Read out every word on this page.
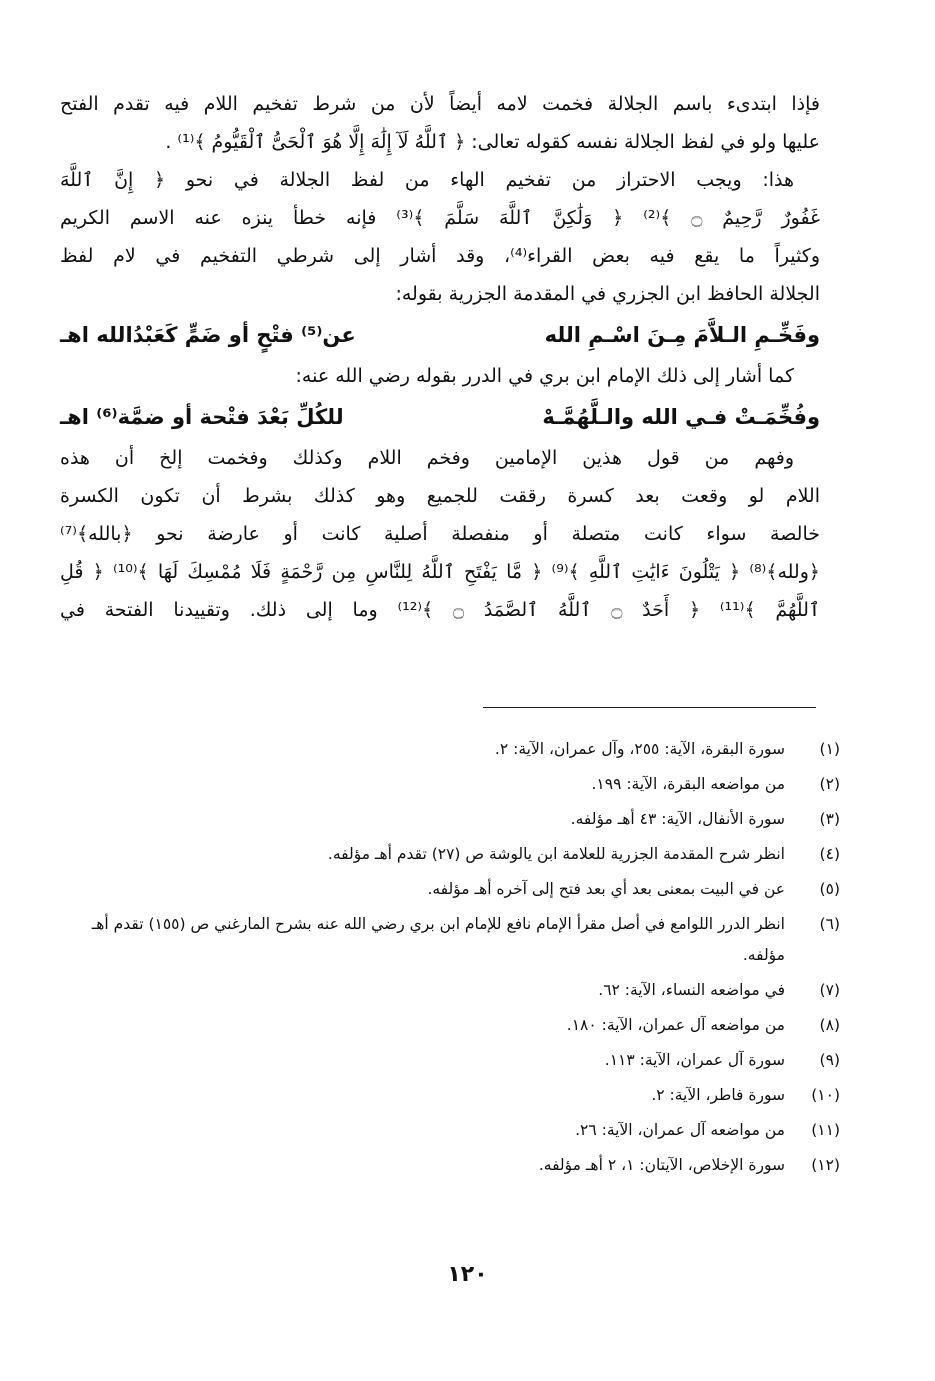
فإذا ابتدىء باسم الجلالة فخمت لامه أيضاً لأن من شرط تفخيم اللام فيه تقدم الفتح
عليها ولو في لفظ الجلالة نفسه كقوله تعالى: ﴿ ٱللَّهُ لَآ إِلَٰهَ إِلَّا هُوَ ٱلْحَىُّ ٱلْقَيُّومُ ﴾⁽¹⁾ .
هذا: ويجب الاحتراز من تفخيم الهاء من لفظ الجلالة في نحو ﴿ إِنَّ ٱللَّهَ
غَفُورٌ رَّحِيمٌ ۝ ﴾⁽²⁾ ﴿ وَلَٰكِنَّ ٱللَّهَ سَلَّمَ ﴾⁽³⁾ فإنه خطأ ينزه عنه الاسم الكريم
وكثيراً ما يقع فيه بعض القراء⁽⁴⁾، وقد أشار إلى شرطي التفخيم في لام لفظ
الجلالة الحافظ ابن الجزري في المقدمة الجزرية بقوله:
وفَخِّـمِ الـلاَّمَ مِـنَ اسْـمِ الله
عن⁽⁵⁾ فتْحٍ أو ضَمٍّ كَعَبْدُالله اهـ
كما أشار إلى ذلك الإمام ابن بري في الدرر بقوله رضي الله عنه:
وفُخِّمَـتْ فـي الله والـلَّهُمَّـهْ
للكُلِّ بَعْدَ فتْحة أو ضمَّة⁽⁶⁾ اهـ
وفهم من قول هذين الإمامين وفخم اللام وكذلك وفخمت إلخ أن هذه
اللام لو وقعت بعد كسرة رققت للجميع وهو كذلك بشرط أن تكون الكسرة
خالصة سواء كانت متصلة أو منفصلة أصلية كانت أو عارضة نحو ﴿بالله﴾⁽⁷⁾
﴿ولله﴾⁽⁸⁾ ﴿ يَتْلُونَ ءَايَٰتِ ٱللَّهِ ﴾⁽⁹⁾ ﴿ مَّا يَفْتَحِ ٱللَّهُ لِلنَّاسِ مِن رَّحْمَةٍ فَلَا مُمْسِكَ لَهَا ﴾⁽¹⁰⁾ ﴿ قُلِ
ٱللَّهُمَّ ﴾⁽¹¹⁾ ﴿ أَحَدٌ ۝ ٱللَّهُ ٱلصَّمَدُ ۝ ﴾⁽¹²⁾ وما إلى ذلك. وتقييدنا الفتحة في
(١)
سورة البقرة، الآية: ٢٥٥، وآل عمران، الآية: ٢.
(٢)
من مواضعه البقرة، الآية: ١٩٩.
(٣)
سورة الأنفال، الآية: ٤٣ أهـ مؤلفه.
(٤)
انظر شرح المقدمة الجزرية للعلامة ابن يالوشة ص (٢٧) تقدم أهـ مؤلفه.
(٥)
عن في البيت بمعنى بعد أي بعد فتح إلى آخره أهـ مؤلفه.
(٦)
انظر الدرر اللوامع في أصل مقرأ الإمام نافع للإمام ابن بري رضي الله عنه بشرح المارغني ص (١٥٥) تقدم أهـ مؤلفه.
(٧)
في مواضعه النساء، الآية: ٦٢.
(٨)
من مواضعه آل عمران، الآية: ١٨٠.
(٩)
سورة آل عمران، الآية: ١١٣.
(١٠)
سورة فاطر، الآية: ٢.
(١١)
من مواضعه آل عمران، الآية: ٢٦.
(١٢)
سورة الإخلاص، الآيتان: ١، ٢ أهـ مؤلفه.
١٢٠
